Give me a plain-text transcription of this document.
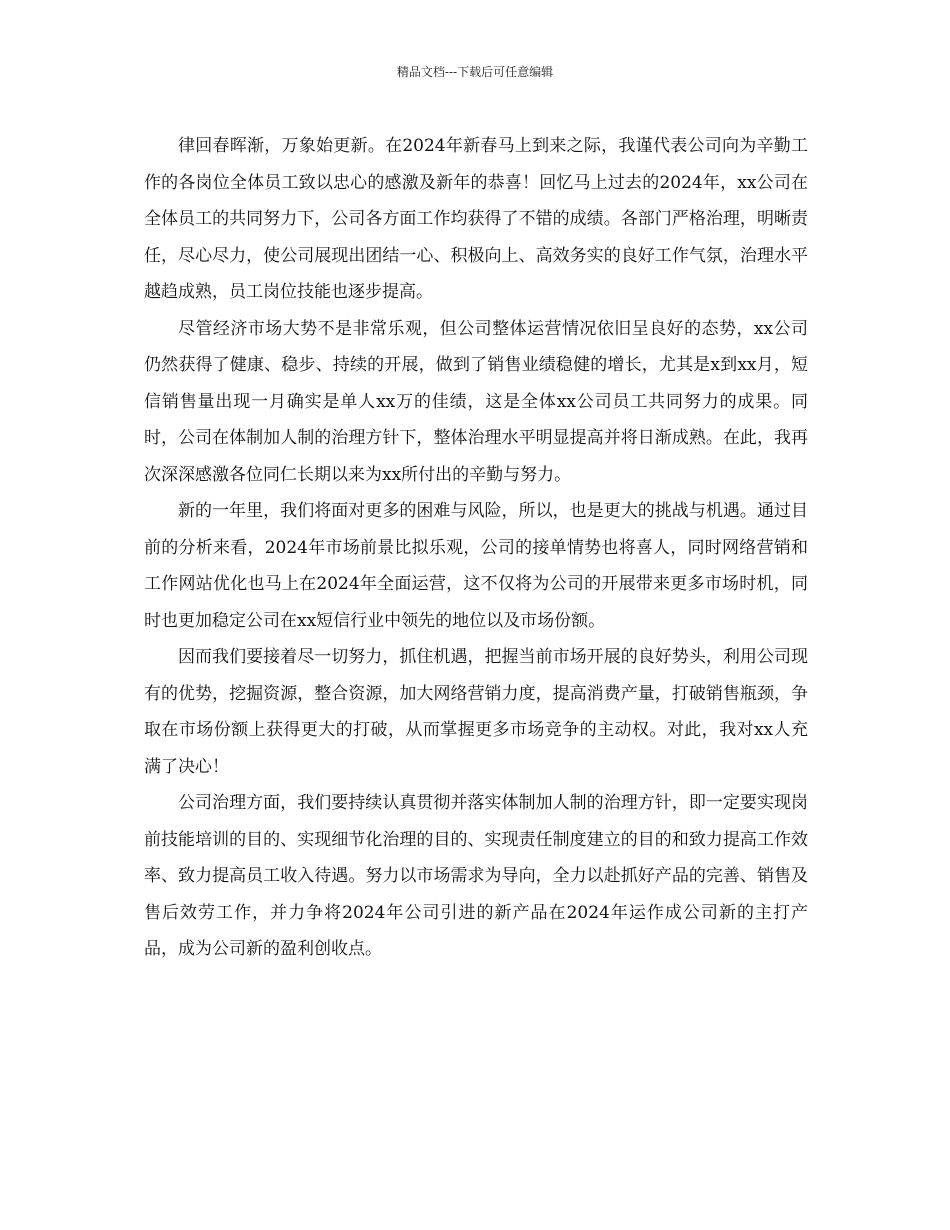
精品文档---下载后可任意编辑

律回春晖渐，万象始更新。在2024年新春马上到来之际，我谨代表公司向为辛勤工作的各岗位全体员工致以忠心的感激及新年的恭喜！回忆马上过去的2024年，xx公司在全体员工的共同努力下，公司各方面工作均获得了不错的成绩。各部门严格治理，明晰责任，尽心尽力，使公司展现出团结一心、积极向上、高效务实的良好工作气氛，治理水平越趋成熟，员工岗位技能也逐步提高。

尽管经济市场大势不是非常乐观，但公司整体运营情况依旧呈良好的态势，xx公司仍然获得了健康、稳步、持续的开展，做到了销售业绩稳健的增长，尤其是x到xx月，短信销售量出现一月确实是单人xx万的佳绩，这是全体xx公司员工共同努力的成果。同时，公司在体制加人制的治理方针下，整体治理水平明显提高并将日渐成熟。在此，我再次深深感激各位同仁长期以来为xx所付出的辛勤与努力。

新的一年里，我们将面对更多的困难与风险，所以，也是更大的挑战与机遇。通过目前的分析来看，2024年市场前景比拟乐观，公司的接单情势也将喜人，同时网络营销和工作网站优化也马上在2024年全面运营，这不仅将为公司的开展带来更多市场时机，同时也更加稳定公司在xx短信行业中领先的地位以及市场份额。

因而我们要接着尽一切努力，抓住机遇，把握当前市场开展的良好势头，利用公司现有的优势，挖掘资源，整合资源，加大网络营销力度，提高消费产量，打破销售瓶颈，争取在市场份额上获得更大的打破，从而掌握更多市场竞争的主动权。对此，我对xx人充满了决心！

公司治理方面，我们要持续认真贯彻并落实体制加人制的治理方针，即一定要实现岗前技能培训的目的、实现细节化治理的目的、实现责任制度建立的目的和致力提高工作效率、致力提高员工收入待遇。努力以市场需求为导向，全力以赴抓好产品的完善、销售及售后效劳工作，并力争将2024年公司引进的新产品在2024年运作成公司新的主打产品，成为公司新的盈利创收点。
